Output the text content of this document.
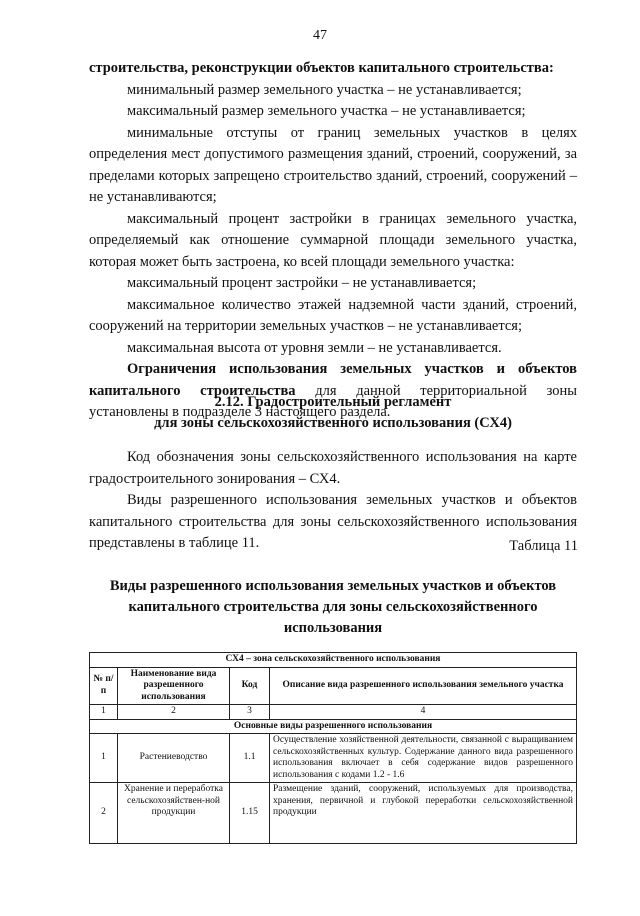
47

строительства, реконструкции объектов капитального строительства:

минимальный размер земельного участка – не устанавливается;

максимальный размер земельного участка – не устанавливается;

минимальные отступы от границ земельных участков в целях определения мест допустимого размещения зданий, строений, сооружений, за пределами которых запрещено строительство зданий, строений, сооружений – не устанавливаются;

максимальный процент застройки в границах земельного участка, определяемый как отношение суммарной площади земельного участка, которая может быть застроена, ко всей площади земельного участка:

максимальный процент застройки – не устанавливается;

максимальное количество этажей надземной части зданий, строений, сооружений на территории земельных участков – не устанавливается;

максимальная высота от уровня земли – не устанавливается.

Ограничения использования земельных участков и объектов капитального строительства для данной территориальной зоны установлены в подразделе 3 настоящего раздела.

2.12. Градостроительный регламент
для зоны сельскохозяйственного использования (СХ4)

Код обозначения зоны сельскохозяйственного использования на карте градостроительного зонирования – СХ4.

Виды разрешенного использования земельных участков и объектов капитального строительства для зоны сельскохозяйственного использования представлены в таблице 11.	Таблица 11
Виды разрешенного использования земельных участков и объектов
капитального строительства для зоны сельскохозяйственного
использования
СХ4 – зона сельскохозяйственного использования			
№ п/п	Наименование вида разрешенного использования	Код	Описание вида разрешенного использования земельного участка
1	2	3	4
Основные виды разрешенного использования			
1	Растениеводство	1.1	Осуществление хозяйственной деятельности, связанной с выращиванием сельскохозяйственных культур. Содержание данного вида разрешенного использования включает в себя содержание видов разрешенного использования с кодами 1.2 - 1.6
2	Хранение и переработка сельскохозяйствен-ной продукции	1.15	Размещение зданий, сооружений, используемых для производства, хранения, первичной и глубокой переработки сельскохозяйственной продукции
